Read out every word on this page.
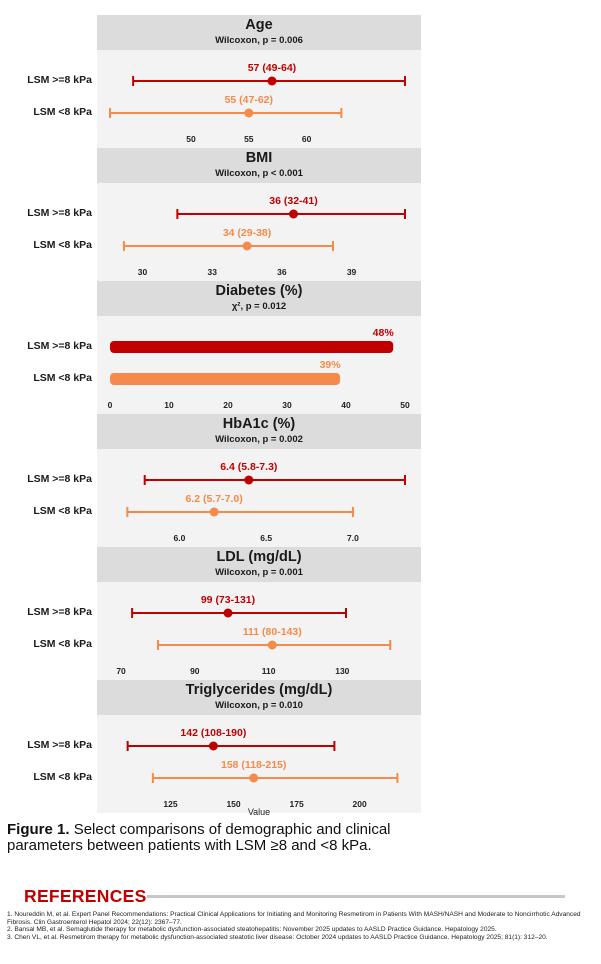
Age
Wilcoxon, p = 0.006
LSM >=8 kPa
57 (49-64)
LSM <8 kPa
55 (47-62)
50	55	60
BMI
Wilcoxon, p < 0.001
LSM >=8 kPa
36 (32-41)
LSM <8 kPa
34 (29-38)
30	33	36	39
Diabetes (%)
χ², p = 0.012
LSM >=8 kPa
48%
LSM <8 kPa
39%
0	10	20	30	40	50
HbA1c (%)
Wilcoxon, p = 0.002
LSM >=8 kPa
6.4 (5.8-7.3)
LSM <8 kPa
6.2 (5.7-7.0)
6.0	6.5	7.0
LDL (mg/dL)
Wilcoxon, p = 0.001
LSM >=8 kPa
99 (73-131)
LSM <8 kPa
111 (80-143)
70	90	110	130
Triglycerides (mg/dL)
Wilcoxon, p = 0.010
LSM >=8 kPa
142 (108-190)
LSM <8 kPa
158 (118-215)
125	150	175	200
Value
Figure 1. Select comparisons of demographic and clinical parameters between patients with LSM ≥8 and <8 kPa.
REFERENCES
1. Noureddin M, et al. Expert Panel Recommendations: Practical Clinical Applications for Initiating and Monitoring Resmetirom in Patients With MASH/NASH and Moderate to Noncirrhotic Advanced Fibrosis. Clin Gastroenterol Hepatol 2024; 22(12): 2367–77.
2. Bansal MB, et al. Semaglutide therapy for metabolic dysfunction-associated steatohepatitis: November 2025 updates to AASLD Practice Guidance. Hepatology 2025.
3. Chen VL, et al. Resmetirom therapy for metabolic dysfunction-associated steatotic liver disease: October 2024 updates to AASLD Practice Guidance. Hepatology 2025; 81(1): 312–20.
